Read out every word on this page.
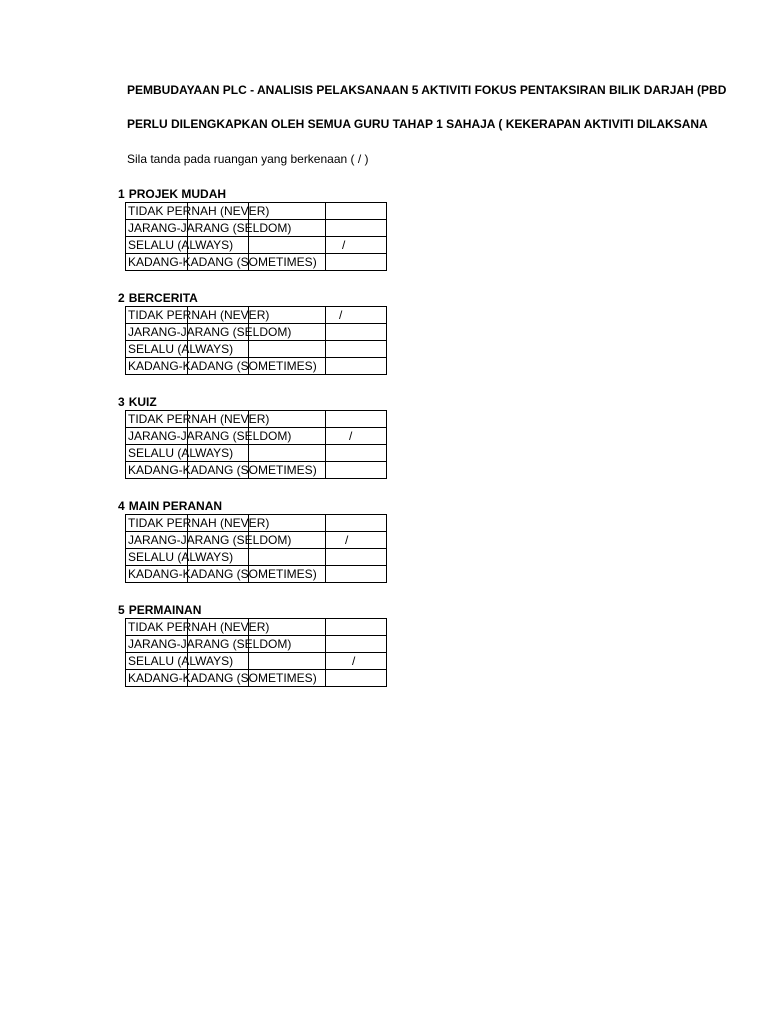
PEMBUDAYAAN PLC - ANALISIS PELAKSANAAN 5 AKTIVITI FOKUS PENTAKSIRAN BILIK DARJAH (PBD
PERLU DILENGKAPKAN OLEH SEMUA GURU TAHAP 1 SAHAJA ( KEKERAPAN AKTIVITI DILAKSANA
Sila tanda pada ruangan yang berkenaan ( / )
1 PROJEK MUDAH
TIDAK PERNAH (NEVER)	

JARANG-JARANG (SELDOM)	

SELALU (ALWAYS)	/

KADANG-KADANG (SOMETIMES)	
2 BERCERITA
TIDAK PERNAH (NEVER)	/

JARANG-JARANG (SELDOM)	

SELALU (ALWAYS)	

KADANG-KADANG (SOMETIMES)	
3 KUIZ
TIDAK PERNAH (NEVER)	

JARANG-JARANG (SELDOM)	/

SELALU (ALWAYS)	

KADANG-KADANG (SOMETIMES)	
4 MAIN PERANAN
TIDAK PERNAH (NEVER)	

JARANG-JARANG (SELDOM)	/

SELALU (ALWAYS)	

KADANG-KADANG (SOMETIMES)	
5 PERMAINAN
TIDAK PERNAH (NEVER)	

JARANG-JARANG (SELDOM)	

SELALU (ALWAYS)	/

KADANG-KADANG (SOMETIMES)	
